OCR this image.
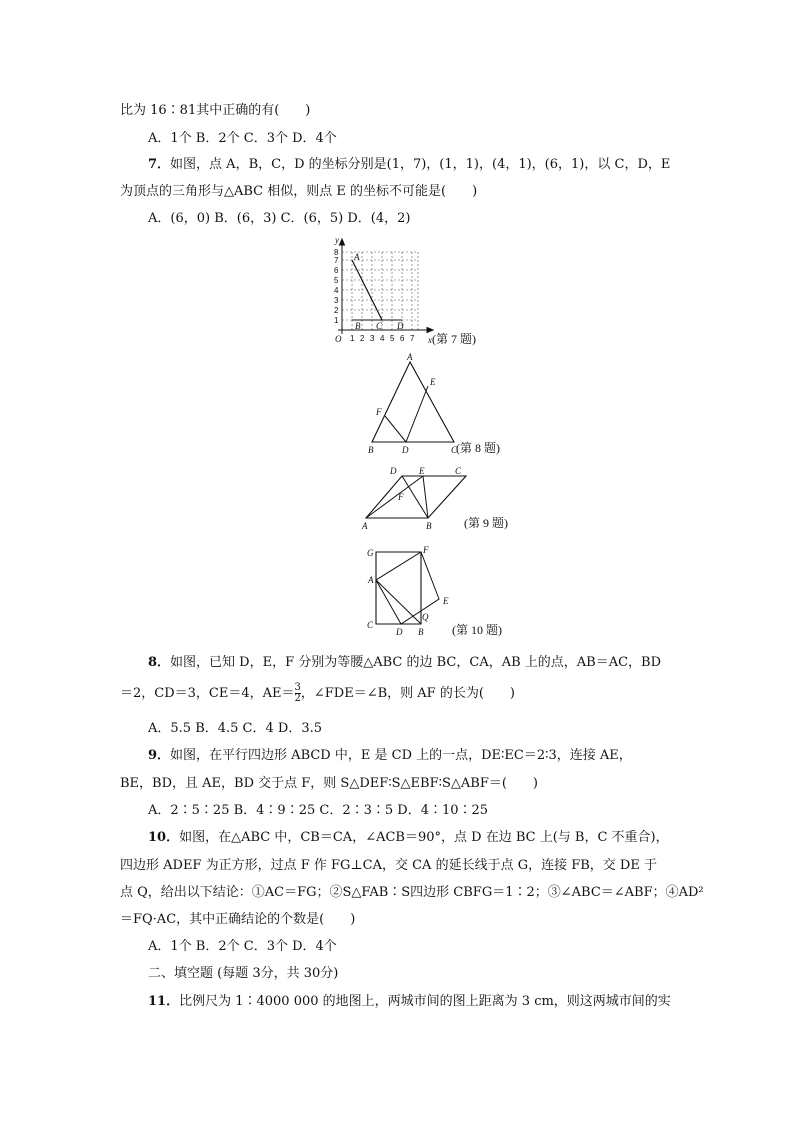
比为 16∶81其中正确的有(　　)
A．1个 B．2个 C．3个 D．4个
7．如图，点 A，B，C，D 的坐标分别是(1，7)，(1，1)，(4，1)，(6，1)，以 C，D，E
为顶点的三角形与△ABC 相似，则点 E 的坐标不可能是(　　)
A．(6，0) B．(6，3) C．(6，5) D．(4，2)
y
x
O
1
2
3
4
5
6
7
8
1 2 3 4 5 6 7
A
B C D
(第 7 题)
A
B	C
D
E
F
(第 8 题)
A	B
C
D	E
F
(第 9 题)
G	F
A
E
Q
C
D B (第 10 题)
8．如图，已知 D，E，F 分别为等腰△ABC 的边 BC，CA，AB 上的点，AB＝AC，BD
＝2，CD＝3，CE＝4，$AE= \frac{3}{2}$ ，∠FDE＝∠B，则 AF 的长为(　　)
A．5.5 B．4.5 C．4 D．3.5
9．如图，在平行四边形 ABCD 中，E 是 CD 上的一点，DE∶EC＝2∶3，连接 AE，
BE，BD，且 AE，BD 交于点 F，则 S△DEF∶S△EBF∶S△ABF＝(　　)
A．2∶5∶25 B．4∶9∶25 C．2∶3∶5 D．4∶10∶25
10．如图，在△ABC 中，CB＝CA，∠ACB＝90°，点 D 在边 BC 上(与 B，C 不重合)，
四边形 ADEF 为正方形，过点 F 作 FG⊥CA，交 CA 的延长线于点 G，连接 FB，交 DE 于
点 Q，给出以下结论：①AC＝FG；②S△FAB∶S四边形 CBFG＝1∶2；③∠ABC＝∠ABF；④AD²
＝FQ·AC，其中正确结论的个数是(　　)
A．1个 B．2个 C．3个 D．4个
二、填空题 (每题 3分，共 30分)
11．比例尺为 1∶4000 000 的地图上，两城市间的图上距离为 3 cm，则这两城市间的实
